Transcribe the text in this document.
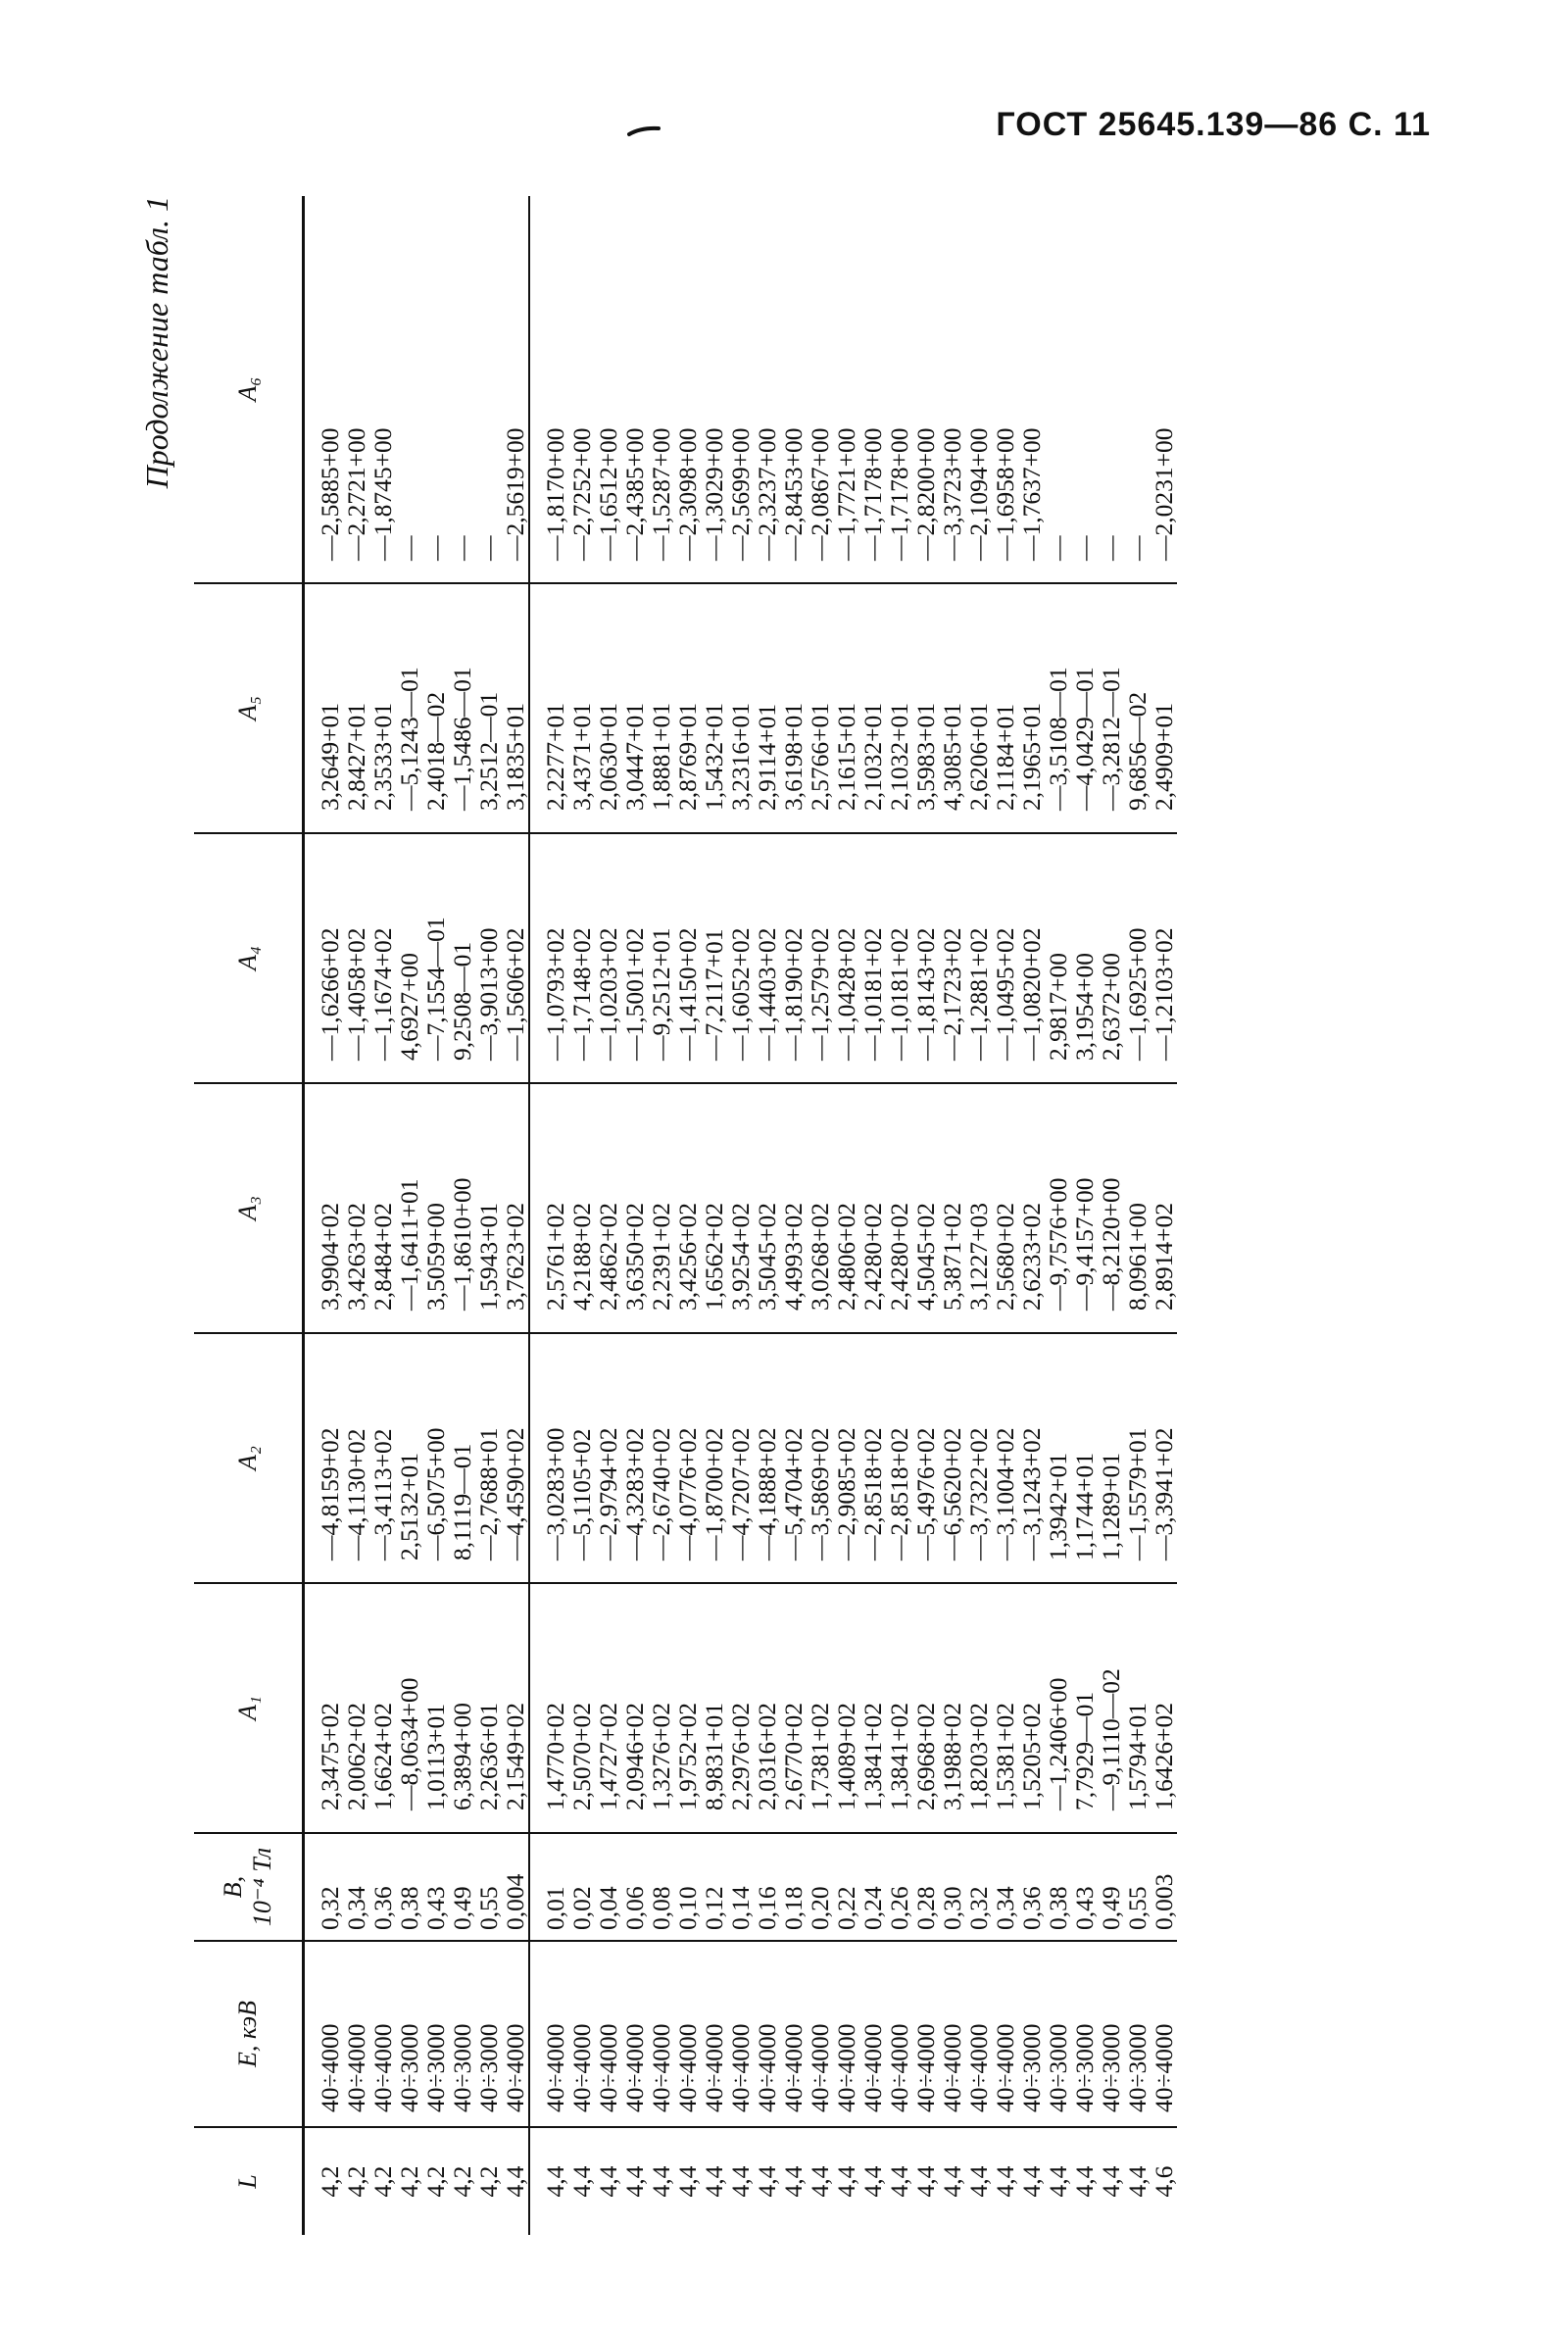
ГОСТ 25645.139—86 С. 11
Продолжение табл. 1
L	E, кэВ	B, 10⁻⁴ Тл	A₁	A₂	A₃	A₄	A₅	A₆

4,2	40÷4000	0,32	2,3475+02	—4,8159+02	3,9904+02	—1,6266+02	3,2649+01	—2,5885+00
4,2	40÷4000	0,34	2,0062+02	—4,1130+02	3,4263+02	—1,4058+02	2,8427+01	—2,2721+00
4,2	40÷4000	0,36	1,6624+02	—3,4113+02	2,8484+02	—1,1674+02	2,3533+01	—1,8745+00
4,2	40÷3000	0,38	—8,0634+00	2,5132+01	—1,6411+01	4,6927+00	—5,1243—01	—
4,2	40÷3000	0,43	1,0113+01	—6,5075+00	3,5059+00	—7,1554—01	2,4018—02	—
4,2	40÷3000	0,49	6,3894+00	8,1119—01	—1,8610+00	9,2508—01	—1,5486—01	—
4,2	40÷3000	0,55	2,2636+01	—2,7688+01	1,5943+01	—3,9013+00	3,2512—01	—
4,4	40÷4000	0,004	2,1549+02	—4,4590+02	3,7623+02	—1,5606+02	3,1835+01	—2,5619+00

4,4	40÷4000	0,01	1,4770+02	—3,0283+00	2,5761+02	—1,0793+02	2,2277+01	—1,8170+00
4,4	40÷4000	0,02	2,5070+02	—5,1105+02	4,2188+02	—1,7148+02	3,4371+01	—2,7252+00
4,4	40÷4000	0,04	1,4727+02	—2,9794+02	2,4862+02	—1,0203+02	2,0630+01	—1,6512+00
4,4	40÷4000	0,06	2,0946+02	—4,3283+02	3,6350+02	—1,5001+02	3,0447+01	—2,4385+00
4,4	40÷4000	0,08	1,3276+02	—2,6740+02	2,2391+02	—9,2512+01	1,8881+01	—1,5287+00
4,4	40÷4000	0,10	1,9752+02	—4,0776+02	3,4256+02	—1,4150+02	2,8769+01	—2,3098+00
4,4	40÷4000	0,12	8,9831+01	—1,8700+02	1,6562+02	—7,2117+01	1,5432+01	—1,3029+00
4,4	40÷4000	0,14	2,2976+02	—4,7207+02	3,9254+02	—1,6052+02	3,2316+01	—2,5699+00
4,4	40÷4000	0,16	2,0316+02	—4,1888+02	3,5045+02	—1,4403+02	2,9114+01	—2,3237+00
4,4	40÷4000	0,18	2,6770+02	—5,4704+02	4,4993+02	—1,8190+02	3,6198+01	—2,8453+00
4,4	40÷4000	0,20	1,7381+02	—3,5869+02	3,0268+02	—1,2579+02	2,5766+01	—2,0867+00
4,4	40÷4000	0,22	1,4089+02	—2,9085+02	2,4806+02	—1,0428+02	2,1615+01	—1,7721+00
4,4	40÷4000	0,24	1,3841+02	—2,8518+02	2,4280+02	—1,0181+02	2,1032+01	—1,7178+00
4,4	40÷4000	0,26	1,3841+02	—2,8518+02	2,4280+02	—1,0181+02	2,1032+01	—1,7178+00
4,4	40÷4000	0,28	2,6968+02	—5,4976+02	4,5045+02	—1,8143+02	3,5983+01	—2,8200+00
4,4	40÷4000	0,30	3,1988+02	—6,5620+02	5,3871+02	—2,1723+02	4,3085+01	—3,3723+00
4,4	40÷4000	0,32	1,8203+02	—3,7322+02	3,1227+03	—1,2881+02	2,6206+01	—2,1094+00
4,4	40÷4000	0,34	1,5381+02	—3,1004+02	2,5680+02	—1,0495+02	2,1184+01	—1,6958+00
4,4	40÷3000	0,36	1,5205+02	—3,1243+02	2,6233+02	—1,0820+02	2,1965+01	—1,7637+00
4,4	40÷3000	0,38	—1,2406+00	1,3942+01	—9,7576+00	2,9817+00	—3,5108—01	—
4,4	40÷3000	0,43	7,7929—01	1,1744+01	—9,4157+00	3,1954+00	—4,0429—01	—
4,4	40÷3000	0,49	—9,1110—02	1,1289+01	—8,2120+00	2,6372+00	—3,2812—01	—
4,4	40÷3000	0,55	1,5794+01	—1,5579+01	8,0961+00	—1,6925+00	9,6856—02	—
4,6	40÷4000	0,003	1,6426+02	—3,3941+02	2,8914+02	—1,2103+02	2,4909+01	—2,0231+00
